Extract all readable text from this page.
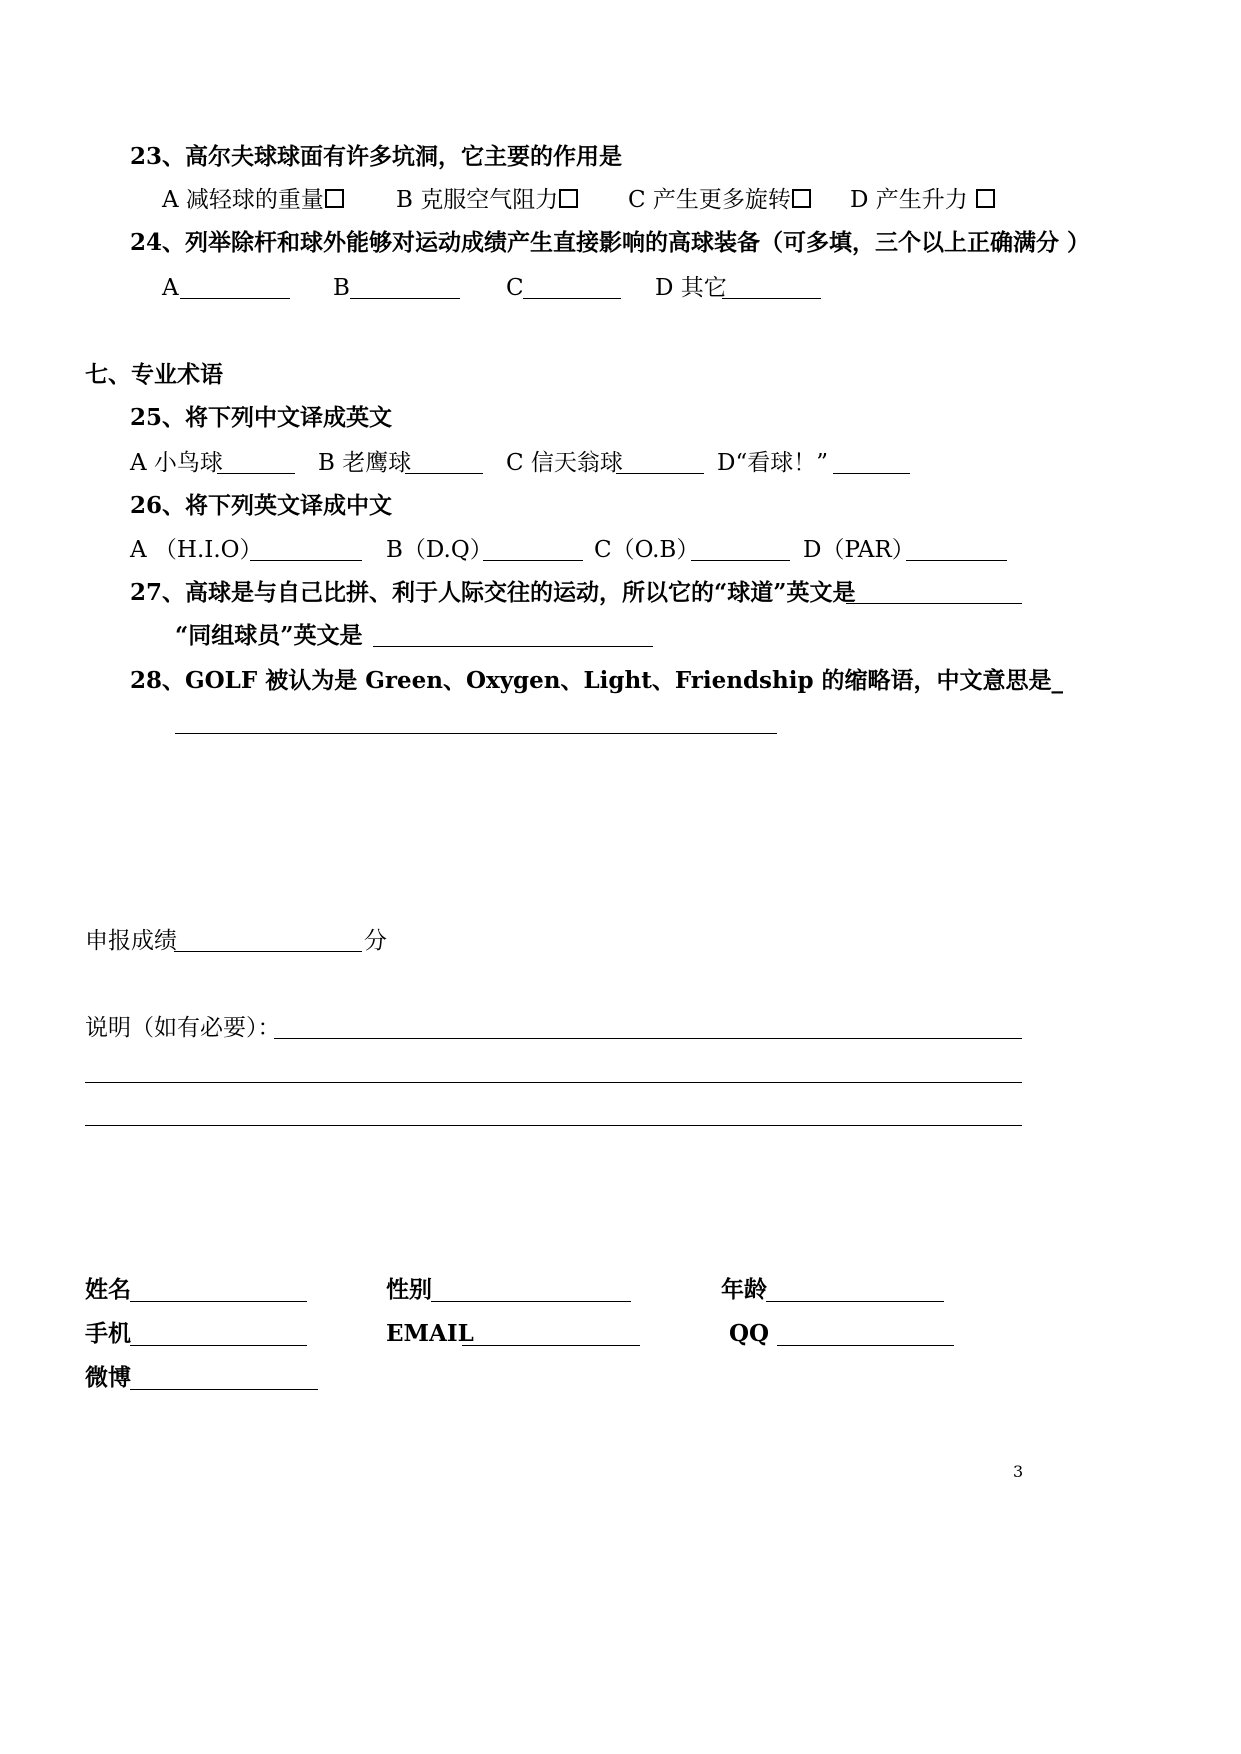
23、高尔夫球球面有许多坑洞，它主要的作用是
A 减轻球的重量	B 克服空气阻力	C 产生更多旋转	D 产生升力
24、列举除杆和球外能够对运动成绩产生直接影响的高球装备（可多填，三个以上正确满分 ）
A	B	C	D 其它
七、专业术语
25、将下列中文译成英文
A 小鸟球	B 老鹰球	C 信天翁球	D“看球！”
26、将下列英文译成中文
A （H.I.O）	B（D.Q）	C（O.B）	D（PAR）
27、高球是与自己比拼、利于人际交往的运动，所以它的“球道”英文是
“同组球员”英文是
28、GOLF 被认为是 Green、Oxygen、Light、Friendship 的缩略语，中文意思是_
申报成绩	分
说明（如有必要）：
姓名	性别	年龄
手机	EMAIL	QQ
微博
3
